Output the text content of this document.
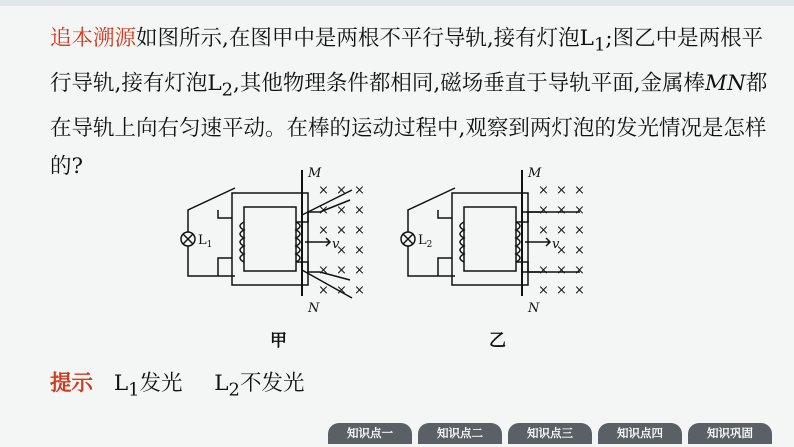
追本溯源如图所示,在图甲中是两根不平行导轨,接有灯泡$L_1$;图乙中是两根平行导轨,接有灯泡$L_2$,其他物理条件都相同,磁场垂直于导轨平面,金属棒MN都在导轨上向右匀速平动。在棒的运动过程中,观察到两灯泡的发光情况是怎样的?
× × ×
× × ×
× × ×
× ×
× × ×
× × ×
M
N
v
$L_1$
× × ×
× × ×
× × ×
× ×
× × ×
× × ×
M
N
v
$L_2$
甲	乙
提示 $L_1$发光 $L_2$不发光
知识点一	知识点二	知识点三	知识点四	知识巩固
